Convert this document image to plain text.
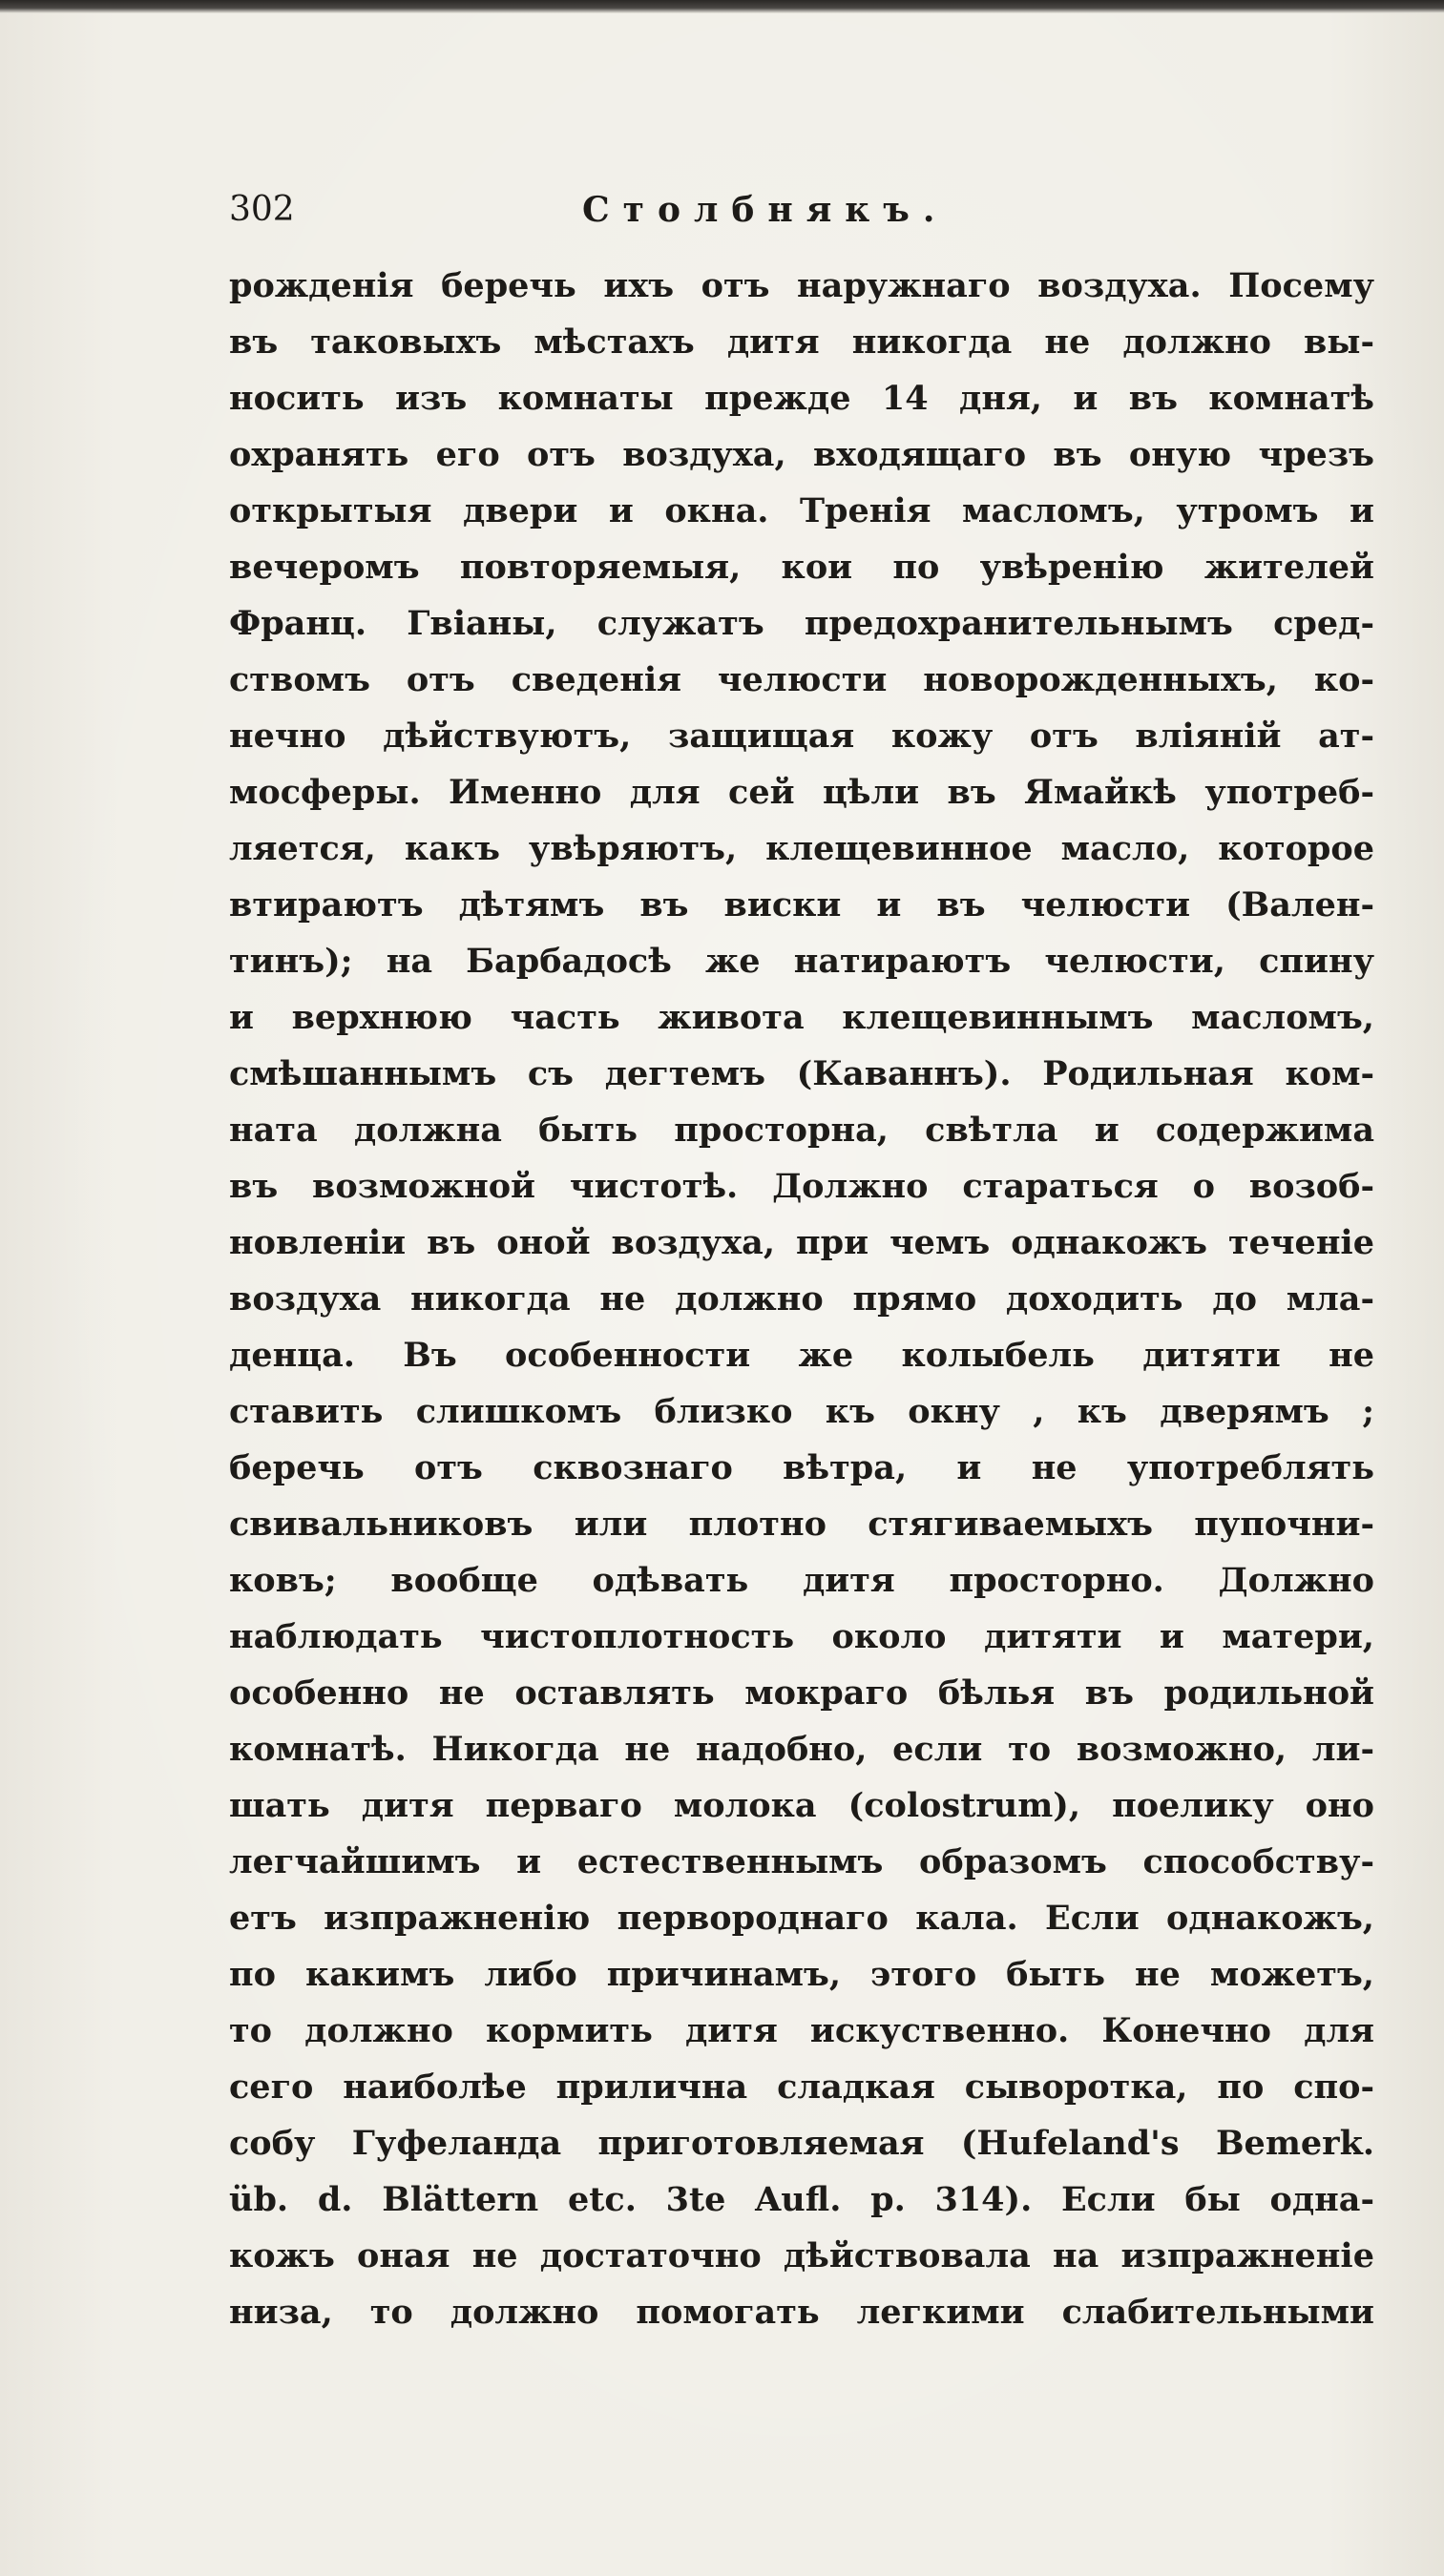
302	Столбнякъ.
рожденія беречь ихъ отъ наружнаго воздуха. Посему
въ таковыхъ мѣстахъ дитя никогда не должно вы-
носить изъ комнаты прежде 14 дня, и въ комнатѣ
охранять его отъ воздуха, входящаго въ оную чрезъ
открытыя двери и окна. Тренія масломъ, утромъ и
вечеромъ повторяемыя, кои по увѣренію жителей
Франц. Гвіаны, служатъ предохранительнымъ сред-
ствомъ отъ сведенія челюсти новорожденныхъ, ко-
нечно дѣйствуютъ, защищая кожу отъ вліяній ат-
мосферы. Именно для сей цѣли въ Ямайкѣ употреб-
ляется, какъ увѣряютъ, клещевинное масло, которое
втираютъ дѣтямъ въ виски и въ челюсти (Вален-
тинъ); на Барбадосѣ же натираютъ челюсти, спину
и верхнюю часть живота клещевиннымъ масломъ,
смѣшаннымъ съ дегтемъ (Каваннъ). Родильная ком-
ната должна быть просторна, свѣтла и содержима
въ возможной чистотѣ. Должно стараться о возоб-
новленіи въ оной воздуха, при чемъ однакожъ теченіе
воздуха никогда не должно прямо доходить до мла-
денца. Въ особенности же колыбель дитяти не
ставить слишкомъ близко къ окну , къ дверямъ ;
беречь отъ сквознаго вѣтра, и не употреблять
свивальниковъ или плотно стягиваемыхъ пупочни-
ковъ; вообще одѣвать дитя просторно. Должно
наблюдать чистоплотность около дитяти и матери,
особенно не оставлять мокраго бѣлья въ родильной
комнатѣ. Никогда не надобно, если то возможно, ли-
шать дитя перваго молока (colostrum), поелику оно
легчайшимъ и естественнымъ образомъ способству-
етъ изпражненію первороднаго кала. Если однакожъ,
по какимъ либо причинамъ, этого быть не можетъ,
то должно кормить дитя искуственно. Конечно для
сего наиболѣе прилична сладкая сыворотка, по спо-
собу Гуфеланда приготовляемая (Hufeland's Bemerk.
üb. d. Blättern etc. 3te Aufl. p. 314). Если бы одна-
кожъ оная не достаточно дѣйствовала на изпражненіе
низа, то должно помогать легкими слабительными
